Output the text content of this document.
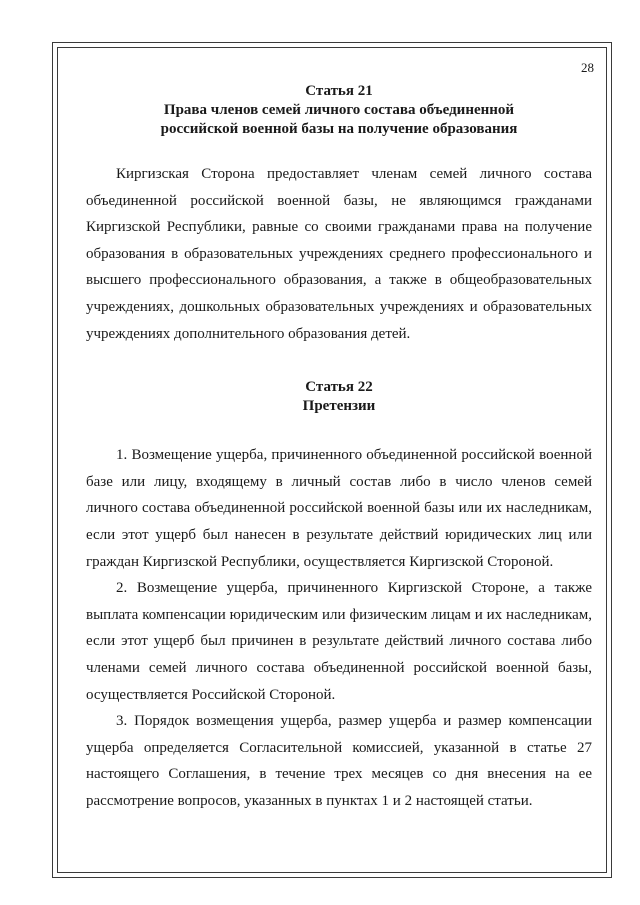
28
Статья 21
Права членов семей личного состава объединенной
российской военной базы на получение образования

Киргизская Сторона предоставляет членам семей личного состава объединенной российской военной базы, не являющимся гражданами Киргизской Республики, равные со своими гражданами права на получение образования в образовательных учреждениях среднего профессионального и высшего профессионального образования, а также в общеобразовательных учреждениях, дошкольных образовательных учреждениях и образовательных учреждениях дополнительного образования детей.

Статья 22
Претензии

1. Возмещение ущерба, причиненного объединенной российской военной базе или лицу, входящему в личный состав либо в число членов семей личного состава объединенной российской военной базы или их наследникам, если этот ущерб был нанесен в результате действий юридических лиц или граждан Киргизской Республики, осуществляется Киргизской Стороной.

2. Возмещение ущерба, причиненного Киргизской Стороне, а также выплата компенсации юридическим или физическим лицам и их наследникам, если этот ущерб был причинен в результате действий личного состава либо членами семей личного состава объединенной российской военной базы, осуществляется Российской Стороной.

3. Порядок возмещения ущерба, размер ущерба и размер компенсации ущерба определяется Согласительной комиссией, указанной в статье 27 настоящего Соглашения, в течение трех месяцев со дня внесения на ее рассмотрение вопросов, указанных в пунктах 1 и 2 настоящей статьи.
